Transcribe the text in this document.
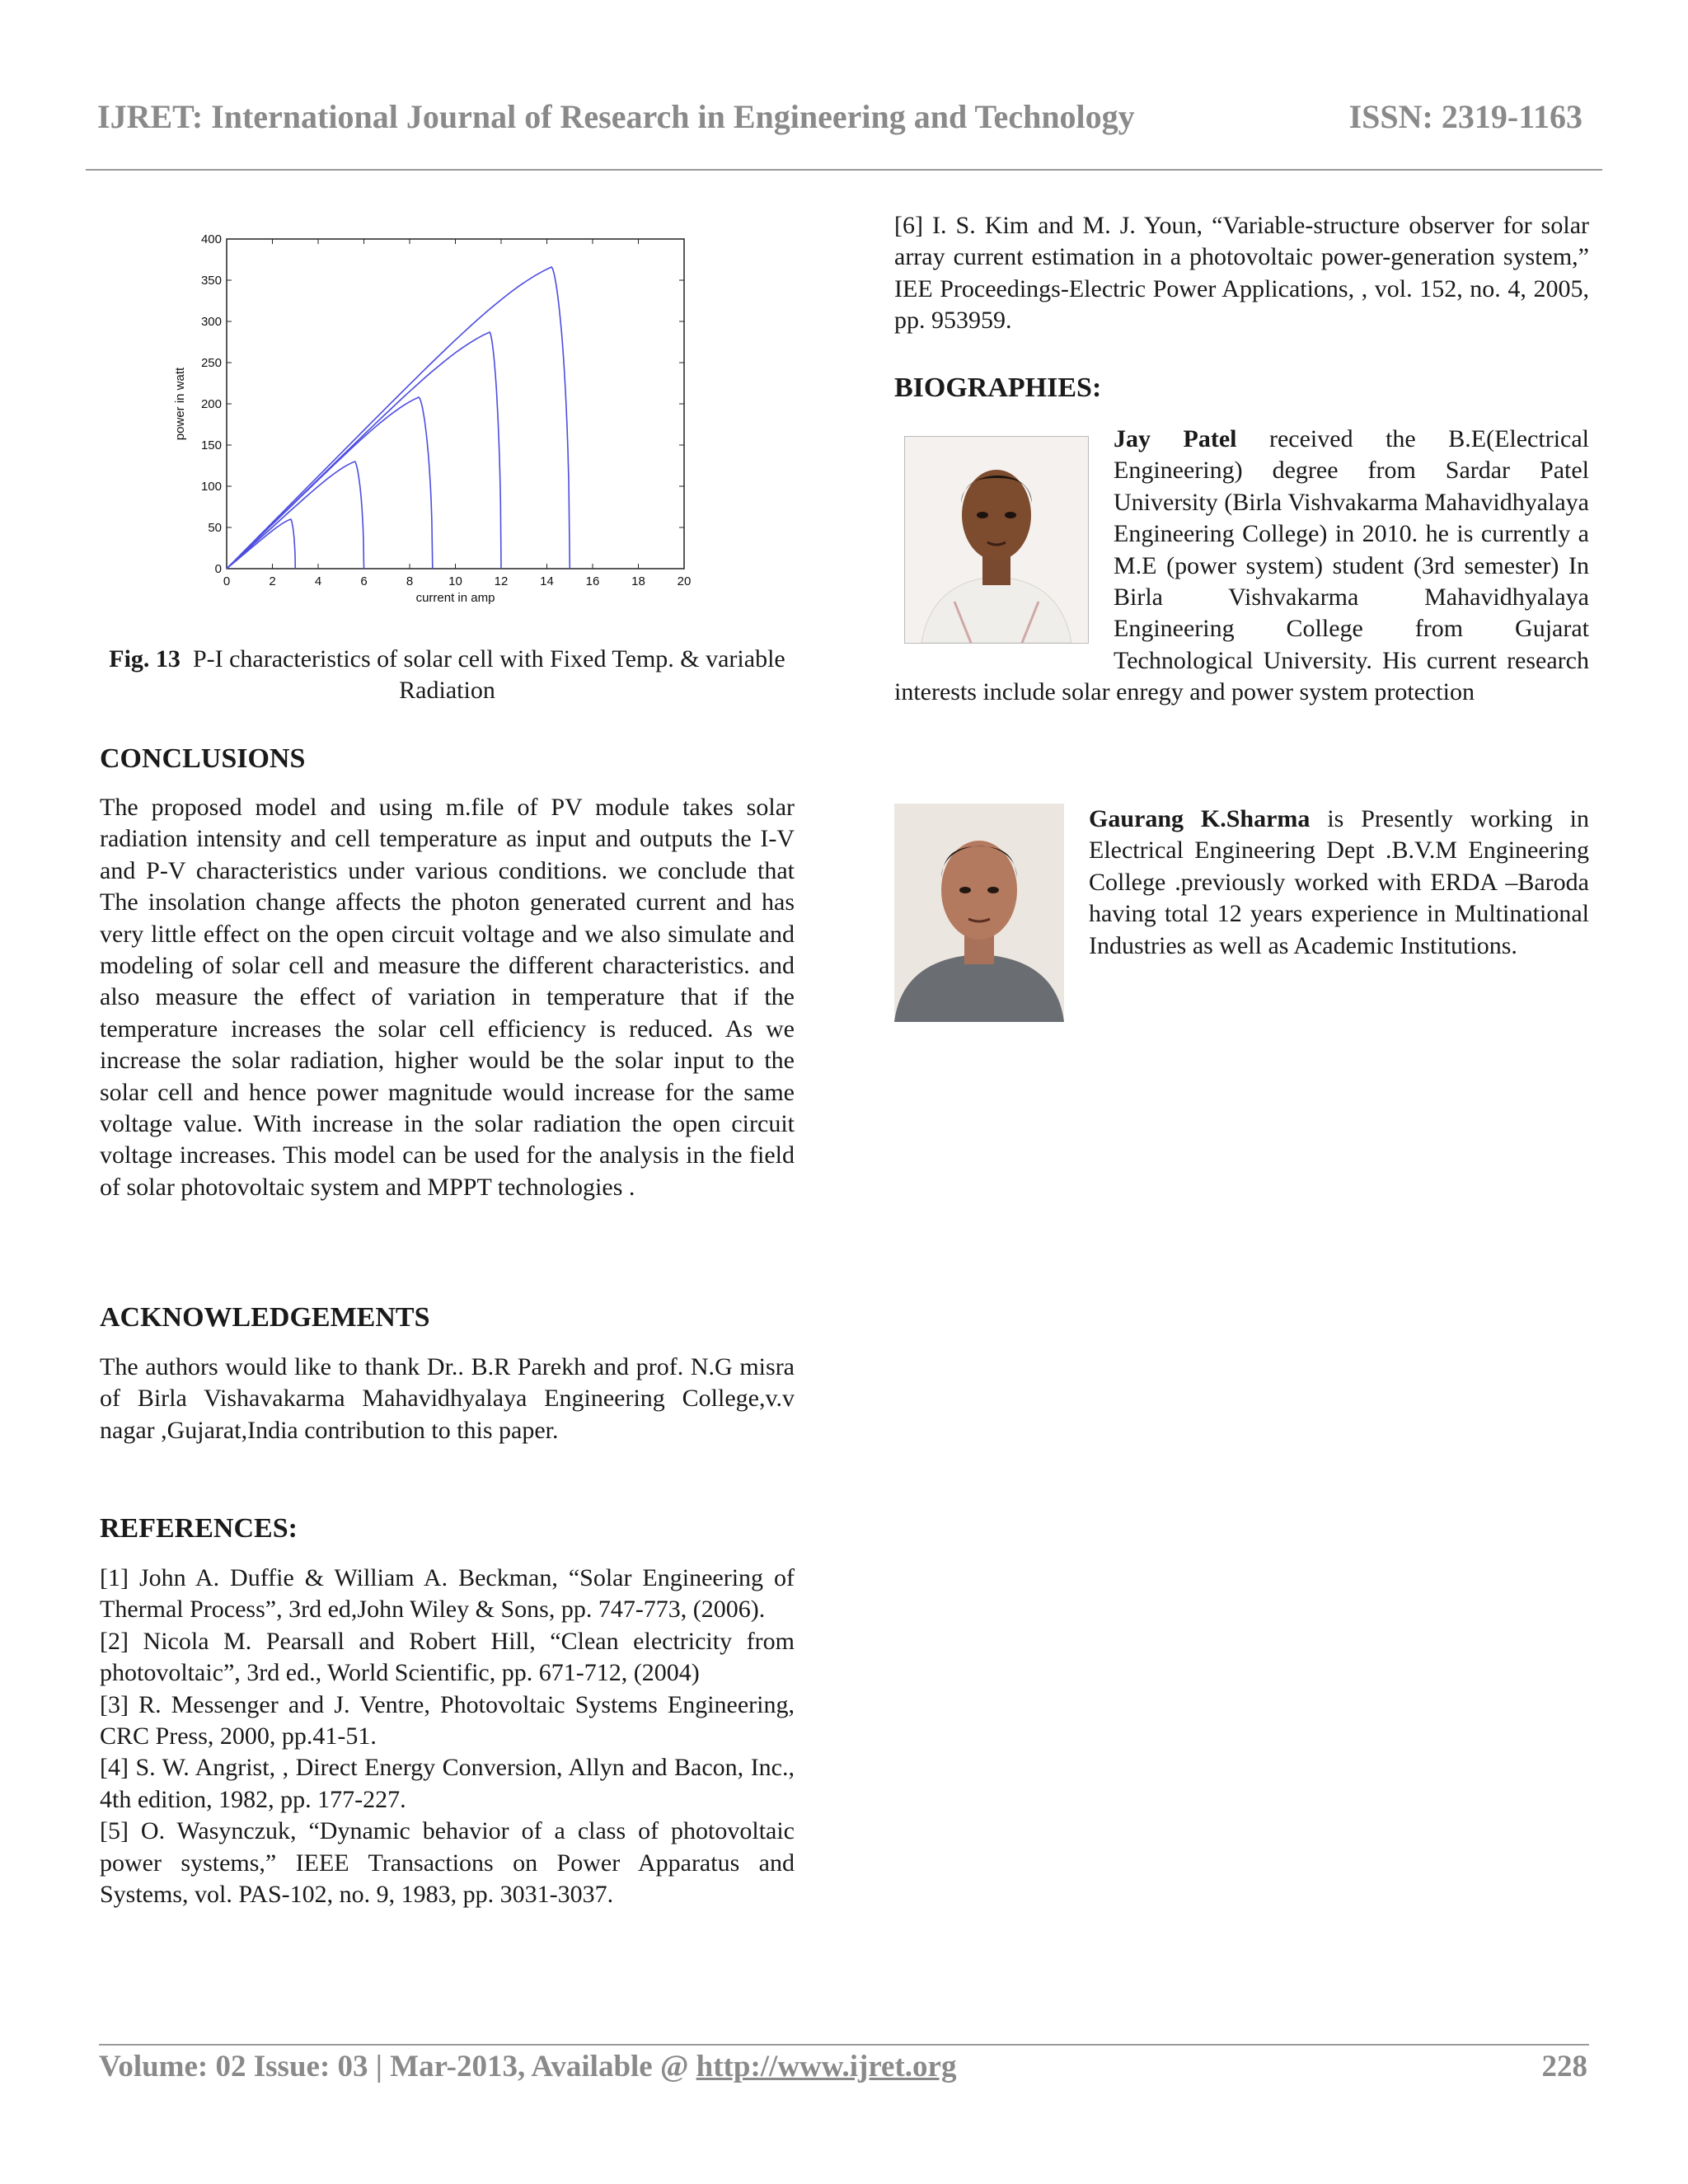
IJRET: International Journal of Research in Engineering and Technology	ISSN: 2319-1163
0	2	4	6	8	10	12	14	16	18	20
0
50
100
150
200
250
300
350
400
current in amp
power in watt
Fig. 13 P-I characteristics of solar cell with Fixed Temp. & variable Radiation
CONCLUSIONS

The proposed model and using m.file of PV module takes solar radiation intensity and cell temperature as input and outputs the I-V and P-V characteristics under various conditions. we conclude that The insolation change affects the photon generated current and has very little effect on the open circuit voltage and we also simulate and modeling of solar cell and measure the different characteristics. and also measure the effect of variation in temperature that if the temperature increases the solar cell efficiency is reduced. As we increase the solar radiation, higher would be the solar input to the solar cell and hence power magnitude would increase for the same voltage value. With increase in the solar radiation the open circuit voltage increases. This model can be used for the analysis in the field of solar photovoltaic system and MPPT technologies .

ACKNOWLEDGEMENTS

The authors would like to thank Dr.. B.R Parekh and prof. N.G misra of Birla Vishavakarma Mahavidhyalaya Engineering College,v.v nagar ,Gujarat,India contribution to this paper.

REFERENCES:

[1] John A. Duffie & William A. Beckman, “Solar Engineering of Thermal Process”, 3rd ed,John Wiley & Sons, pp. 747-773, (2006).

[2] Nicola M. Pearsall and Robert Hill, “Clean electricity from photovoltaic”, 3rd ed., World Scientific, pp. 671-712, (2004)

[3] R. Messenger and J. Ventre, Photovoltaic Systems Engineering, CRC Press, 2000, pp.41-51.

[4] S. W. Angrist, , Direct Energy Conversion, Allyn and Bacon, Inc., 4th edition, 1982, pp. 177-227.

[5] O. Wasynczuk, “Dynamic behavior of a class of photovoltaic power systems,” IEEE Transactions on Power Apparatus and Systems, vol. PAS-102, no. 9, 1983, pp. 3031-3037.

[6] I. S. Kim and M. J. Youn, “Variable-structure observer for solar array current estimation in a photovoltaic power-generation system,” IEE Proceedings-Electric Power Applications, , vol. 152, no. 4, 2005, pp. 953959.

BIOGRAPHIES:

Jay Patel received the B.E(Electrical Engineering) degree from Sardar Patel University (Birla Vishvakarma Mahavidhyalaya Engineering College) in 2010. he is currently a M.E (power system) student (3rd semester) In Birla Vishvakarma Mahavidhyalaya Engineering College from Gujarat Technological University. His current research interests include solar enregy and power system protection

Gaurang K.Sharma is Presently working in Electrical Engineering Dept .B.V.M Engineering College .previously worked with ERDA –Baroda having total 12 years experience in Multinational Industries as well as Academic Institutions.

Volume: 02 Issue: 03 | Mar-2013, Available @ http://www.ijret.org	228
